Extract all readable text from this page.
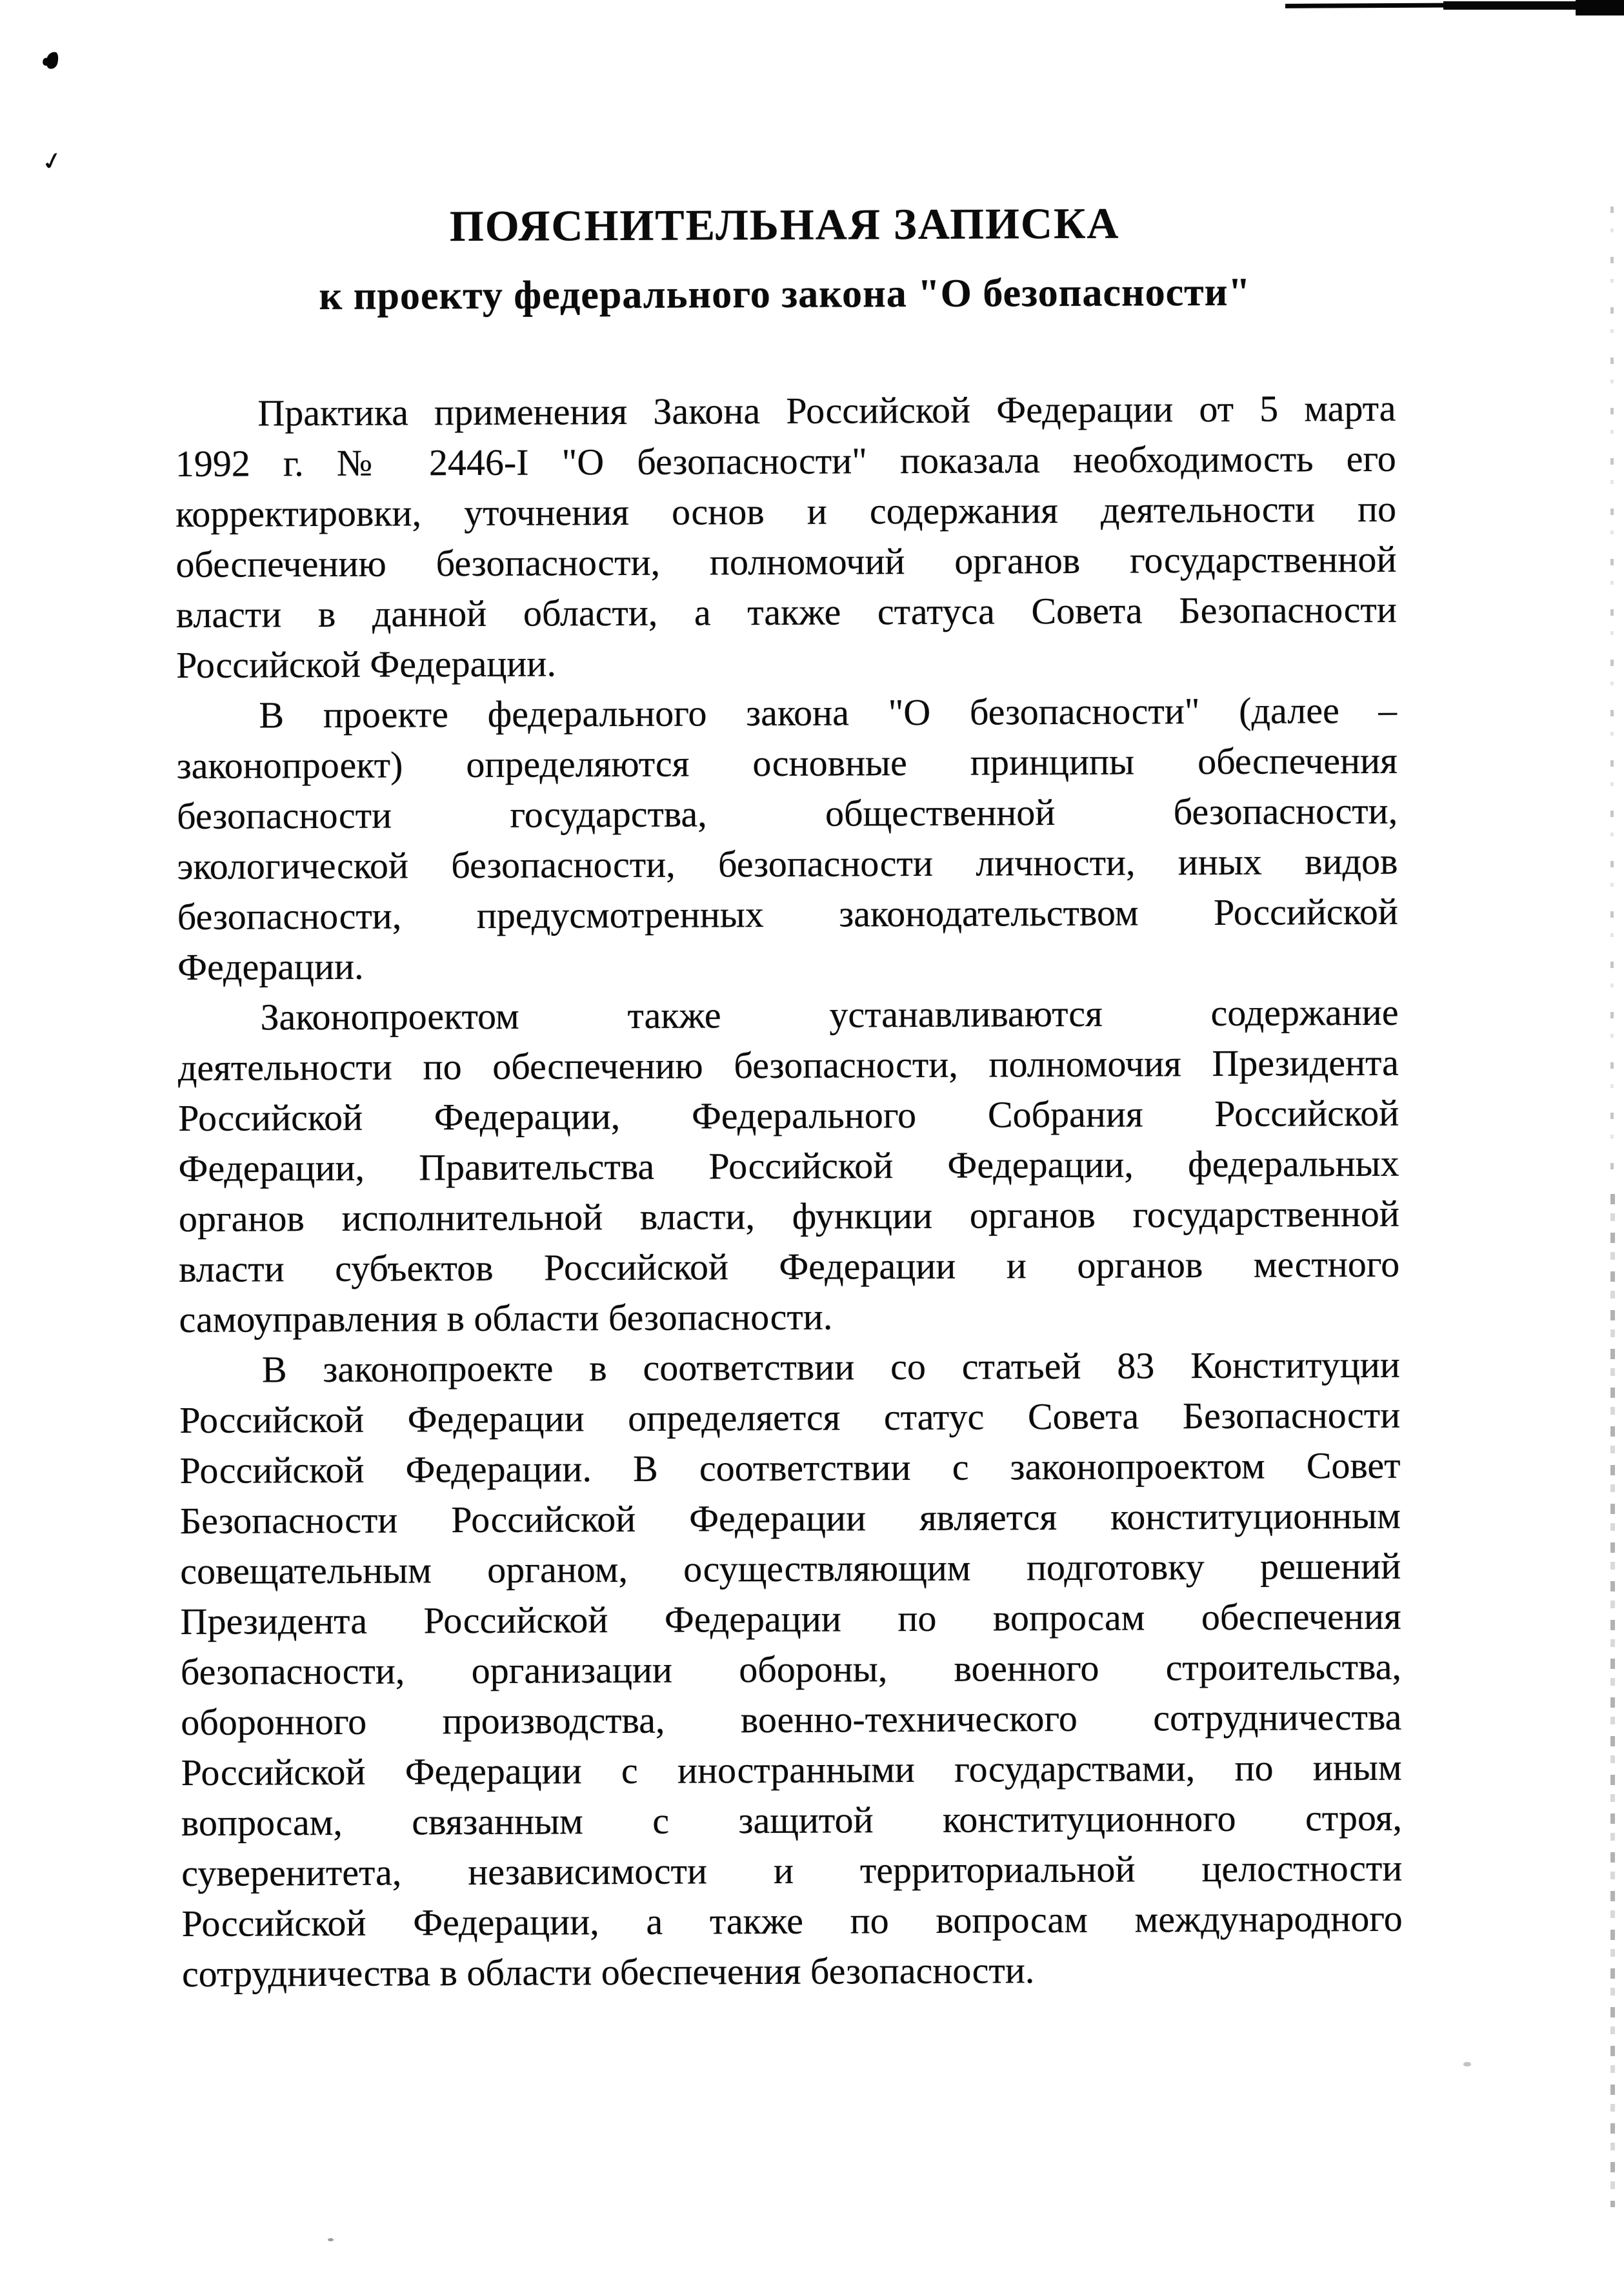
✓
ПОЯСНИТЕЛЬНАЯ ЗАПИСКА
к проекту федерального закона "О безопасности"
Практика применения Закона Российской Федерации от 5 марта
1992 г. № 2446-I "О безопасности" показала необходимость его
корректировки, уточнения основ и содержания деятельности по
обеспечению безопасности, полномочий органов государственной
власти в данной области, а также статуса Совета Безопасности
Российской Федерации.
В проекте федерального закона "О безопасности" (далее –
законопроект) определяются основные принципы обеспечения
безопасности государства, общественной безопасности,
экологической безопасности, безопасности личности, иных видов
безопасности, предусмотренных законодательством Российской
Федерации.
Законопроектом также устанавливаются содержание
деятельности по обеспечению безопасности, полномочия Президента
Российской Федерации, Федерального Собрания Российской
Федерации, Правительства Российской Федерации, федеральных
органов исполнительной власти, функции органов государственной
власти субъектов Российской Федерации и органов местного
самоуправления в области безопасности.
В законопроекте в соответствии со статьей 83 Конституции
Российской Федерации определяется статус Совета Безопасности
Российской Федерации. В соответствии с законопроектом Совет
Безопасности Российской Федерации является конституционным
совещательным органом, осуществляющим подготовку решений
Президента Российской Федерации по вопросам обеспечения
безопасности, организации обороны, военного строительства,
оборонного производства, военно-технического сотрудничества
Российской Федерации с иностранными государствами, по иным
вопросам, связанным с защитой конституционного строя,
суверенитета, независимости и территориальной целостности
Российской Федерации, а также по вопросам международного
сотрудничества в области обеспечения безопасности.
